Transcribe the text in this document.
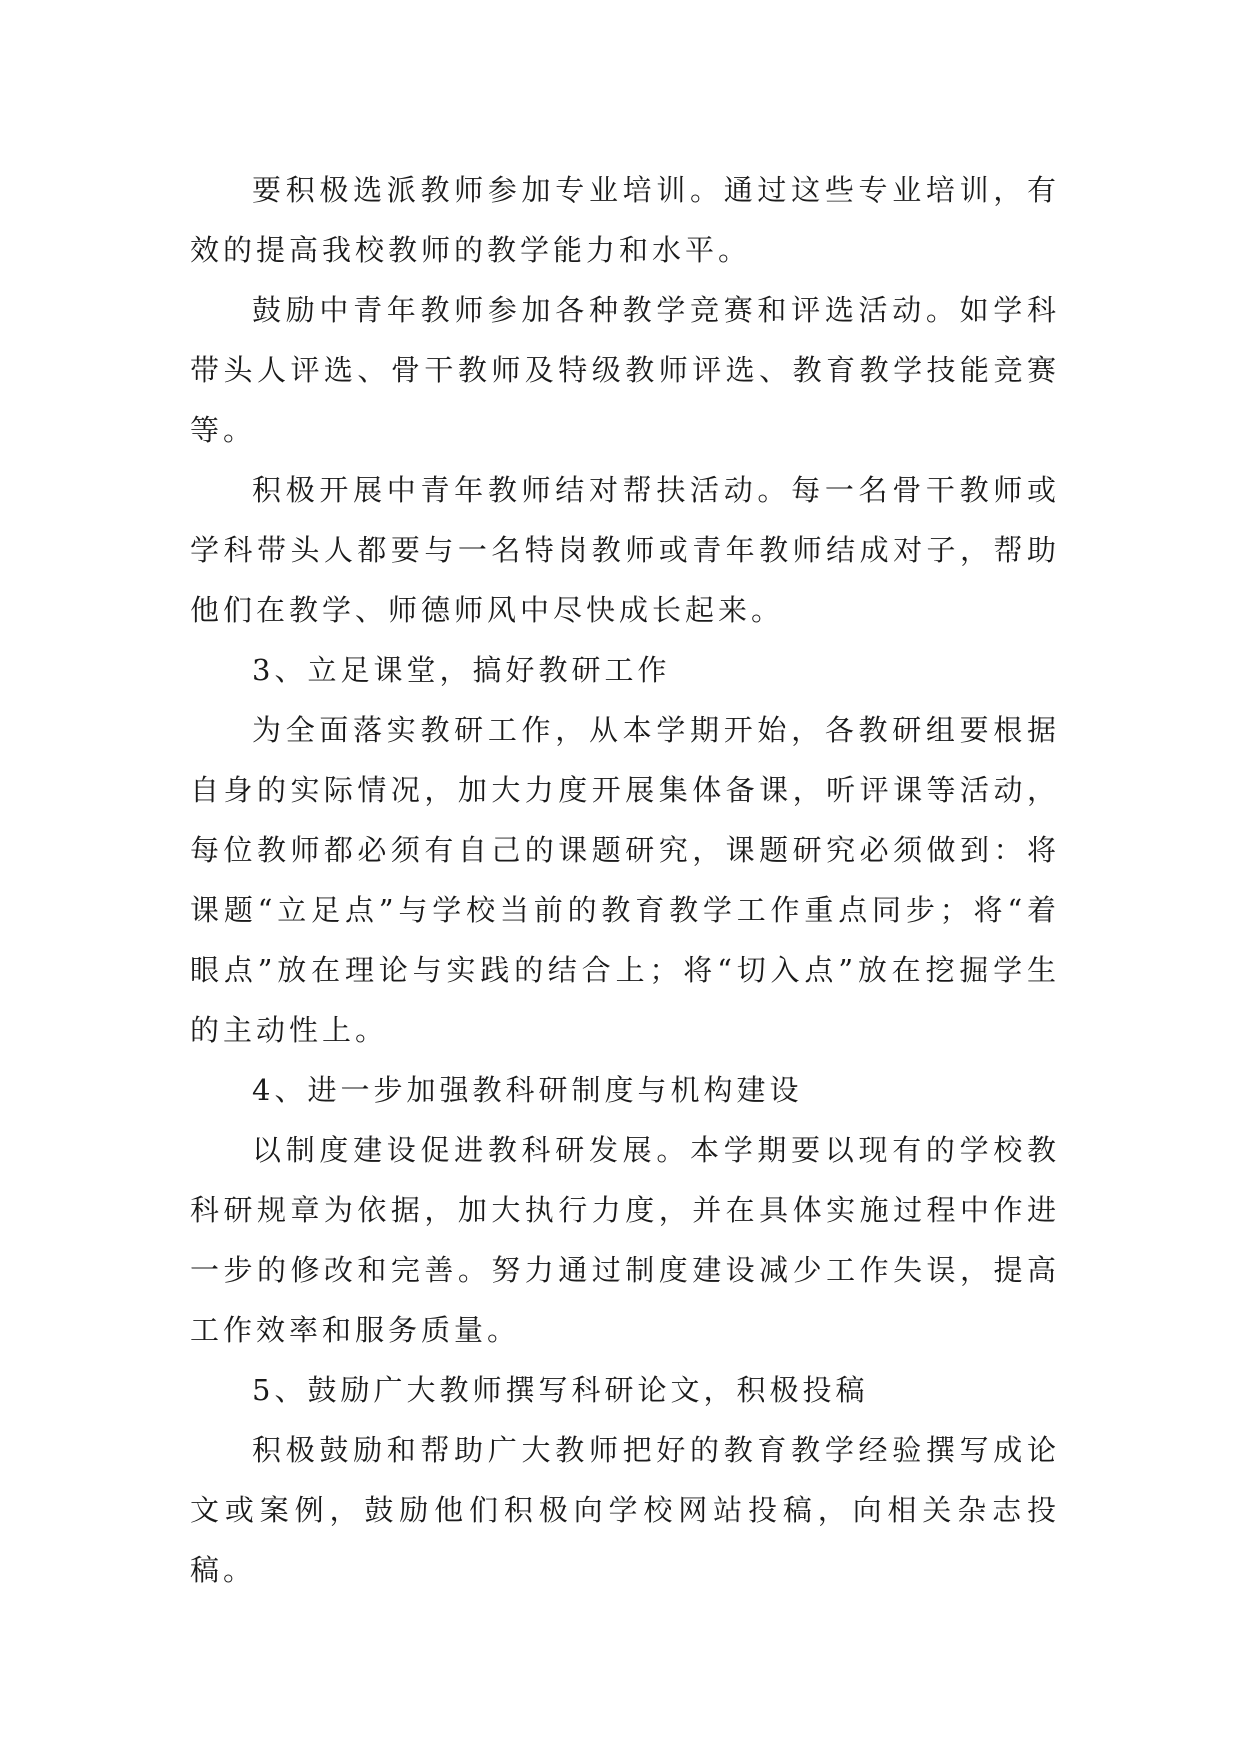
要积极选派教师参加专业培训。通过这些专业培训，有效的提高我校教师的教学能力和水平。

鼓励中青年教师参加各种教学竞赛和评选活动。如学科带头人评选、骨干教师及特级教师评选、教育教学技能竞赛等。

积极开展中青年教师结对帮扶活动。每一名骨干教师或学科带头人都要与一名特岗教师或青年教师结成对子，帮助他们在教学、师德师风中尽快成长起来。

3、立足课堂，搞好教研工作

为全面落实教研工作，从本学期开始，各教研组要根据自身的实际情况，加大力度开展集体备课，听评课等活动，每位教师都必须有自己的课题研究，课题研究必须做到：将课题“立足点”与学校当前的教育教学工作重点同步；将“着眼点”放在理论与实践的结合上；将“切入点”放在挖掘学生的主动性上。

4、进一步加强教科研制度与机构建设

以制度建设促进教科研发展。本学期要以现有的学校教科研规章为依据，加大执行力度，并在具体实施过程中作进一步的修改和完善。努力通过制度建设减少工作失误，提高工作效率和服务质量。

5、鼓励广大教师撰写科研论文，积极投稿

积极鼓励和帮助广大教师把好的教育教学经验撰写成论文或案例，鼓励他们积极向学校网站投稿，向相关杂志投稿。
